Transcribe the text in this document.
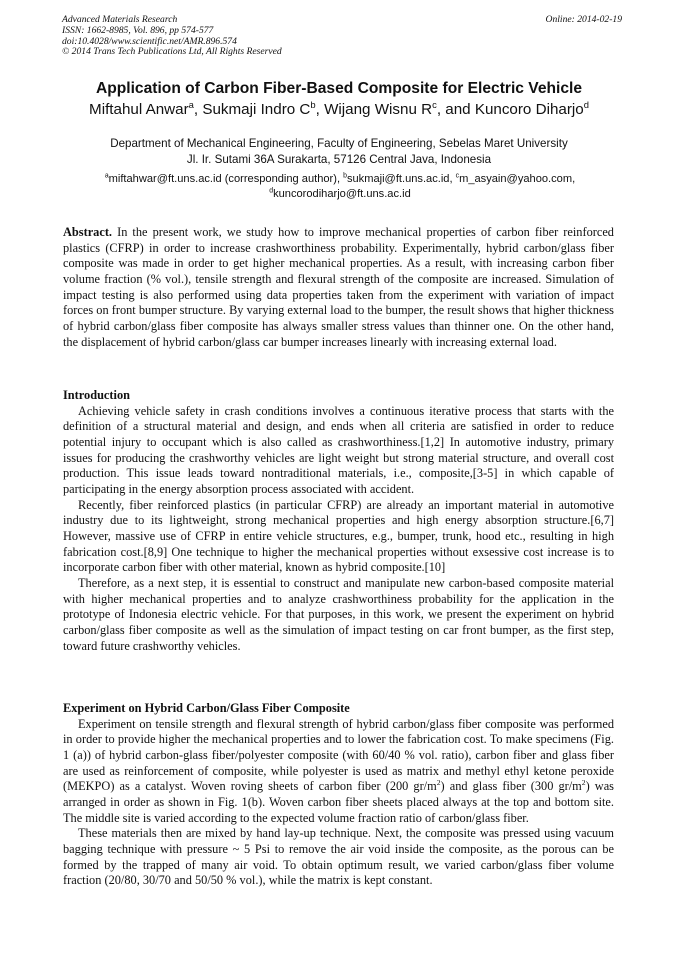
Advanced Materials Research
ISSN: 1662-8985, Vol. 896, pp 574-577
doi:10.4028/www.scientific.net/AMR.896.574
© 2014 Trans Tech Publications Ltd, All Rights Reserved
Online: 2014-02-19
Application of Carbon Fiber-Based Composite for Electric Vehicle
Miftahul Anwar$^a$, Sukmaji Indro $C^b$, Wijang Wisnu $R^c$, and Kuncoro Diharjo$^d$
Department of Mechanical Engineering, Faculty of Engineering, Sebelas Maret University
Jl. Ir. Sutami 36A Surakarta, 57126 Central Java, Indonesia
$^a$miftahwar@ft.uns.ac.id (corresponding author), $^b$sukmaji@ft.uns.ac.id, $^c$m_asyain@yahoo.com,
$^d$kuncorodiharjo@ft.uns.ac.id

Abstract. In the present work, we study how to improve mechanical properties of carbon fiber reinforced plastics (CFRP) in order to increase crashworthiness probability. Experimentally, hybrid carbon/glass fiber composite was made in order to get higher mechanical properties. As a result, with increasing carbon fiber volume fraction (% vol.), tensile strength and flexural strength of the composite are increased. Simulation of impact testing is also performed using data properties taken from the experiment with variation of impact forces on front bumper structure. By varying external load to the bumper, the result shows that higher thickness of hybrid carbon/glass fiber composite has always smaller stress values than thinner one. On the other hand, the displacement of hybrid carbon/glass car bumper increases linearly with increasing external load.

Introduction

Achieving vehicle safety in crash conditions involves a continuous iterative process that starts with the definition of a structural material and design, and ends when all criteria are satisfied in order to reduce potential injury to occupant which is also called as crashworthiness.[1,2] In automotive industry, primary issues for producing the crashworthy vehicles are light weight but strong material structure, and overall cost production. This issue leads toward nontraditional materials, i.e., composite,[3-5] in which capable of participating in the energy absorption process associated with accident.

Recently, fiber reinforced plastics (in particular CFRP) are already an important material in automotive industry due to its lightweight, strong mechanical properties and high energy absorption structure.[6,7] However, massive use of CFRP in entire vehicle structures, e.g., bumper, trunk, hood etc., resulting in high fabrication cost.[8,9] One technique to higher the mechanical properties without exsessive cost increase is to incorporate carbon fiber with other material, known as hybrid composite.[10]

Therefore, as a next step, it is essential to construct and manipulate new carbon-based composite material with higher mechanical properties and to analyze crashworthiness probability for the application in the prototype of Indonesia electric vehicle. For that purposes, in this work, we present the experiment on hybrid carbon/glass fiber composite as well as the simulation of impact testing on car front bumper, as the first step, toward future crashworthy vehicles.

Experiment on Hybrid Carbon/Glass Fiber Composite

Experiment on tensile strength and flexural strength of hybrid carbon/glass fiber composite was performed in order to provide higher the mechanical properties and to lower the fabrication cost. To make specimens (Fig. 1 (a)) of hybrid carbon-glass fiber/polyester composite (with 60/40 % vol. ratio), carbon fiber and glass fiber are used as reinforcement of composite, while polyester is used as matrix and methyl ethyl ketone peroxide (MEKPO) as a catalyst. Woven roving sheets of carbon fiber (200 $gr/m^2$) and glass fiber (300 $gr/m^2$) was arranged in order as shown in Fig. 1(b). Woven carbon fiber sheets placed always at the top and bottom site. The middle site is varied according to the expected volume fraction ratio of carbon/glass fiber.

These materials then are mixed by hand lay-up technique. Next, the composite was pressed using vacuum bagging technique with pressure ~ 5 Psi to remove the air void inside the composite, as the porous can be formed by the trapped of many air void. To obtain optimum result, we varied carbon/glass fiber volume fraction (20/80, 30/70 and 50/50 % vol.), while the matrix is kept constant.
